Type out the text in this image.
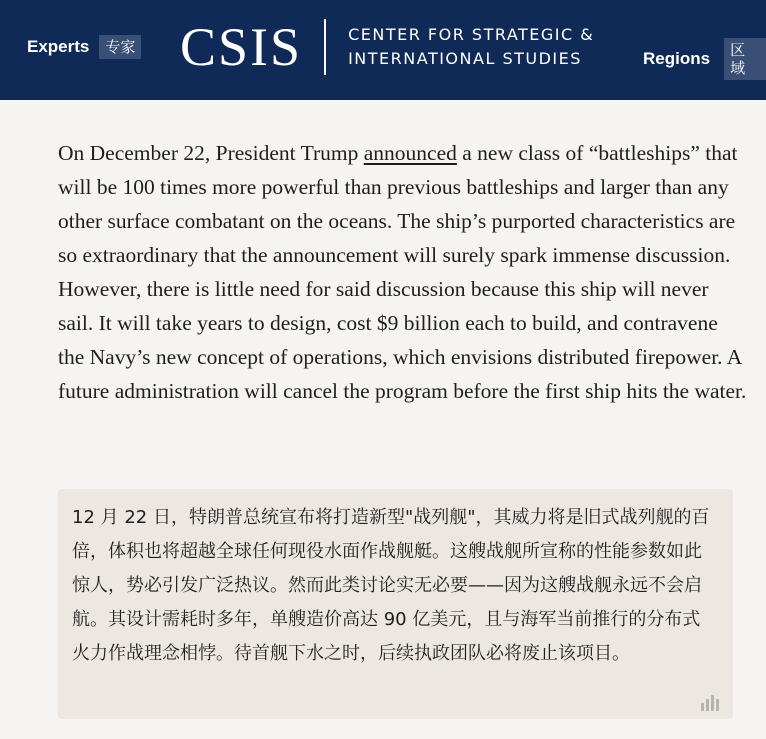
Experts	专家 CSIS	CENTER FOR STRATEGIC &
INTERNATIONAL STUDIES	Regions	区域

On December 22, President Trump announced a new class of “battleships” that will be 100 times more powerful than previous battleships and larger than any other surface combatant on the oceans. The ship’s purported characteristics are so extraordinary that the announcement will surely spark immense discussion. However, there is little need for said discussion because this ship will never sail. It will take years to design, cost $9 billion each to build, and contravene the Navy’s new concept of operations, which envisions distributed firepower. A future administration will cancel the program before the first ship hits the water.

12 月 22 日，特朗普总统宣布将打造新型"战列舰"，其威力将是旧式战列舰的百倍，体积也将超越全球任何现役水面作战舰艇。这艘战舰所宣称的性能参数如此惊人，势必引发广泛热议。然而此类讨论实无必要——因为这艘战舰永远不会启航。其设计需耗时多年，单艘造价高达 90 亿美元，且与海军当前推行的分布式火力作战理念相悖。待首舰下水之时，后续执政团队必将废止该项目。
